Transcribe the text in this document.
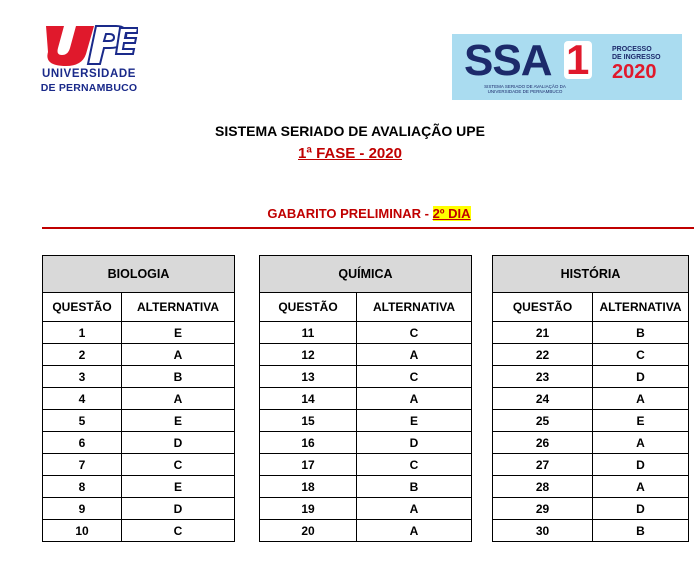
UNIVERSIDADE
DE PERNAMBUCO
SSA 1
SISTEMA SERIADO DE AVALIAÇÃO DA UNIVERSIDADE DE PERNAMBUCO
PROCESSO
DE INGRESSO
2020
SISTEMA SERIADO DE AVALIAÇÃO UPE
1ª FASE - 2020
GABARITO PRELIMINAR - 2º DIA
BIOLOGIA	
QUESTÃO	ALTERNATIVA
1	E
2	A
3	B
4	A
5	E
6	D
7	C
8	E
9	D
10	C
QUÍMICA	
QUESTÃO	ALTERNATIVA
11	C
12	A
13	C
14	A
15	E
16	D
17	C
18	B
19	A
20	A
HISTÓRIA	
QUESTÃO	ALTERNATIVA
21	B
22	C
23	D
24	A
25	E
26	A
27	D
28	A
29	D
30	B
